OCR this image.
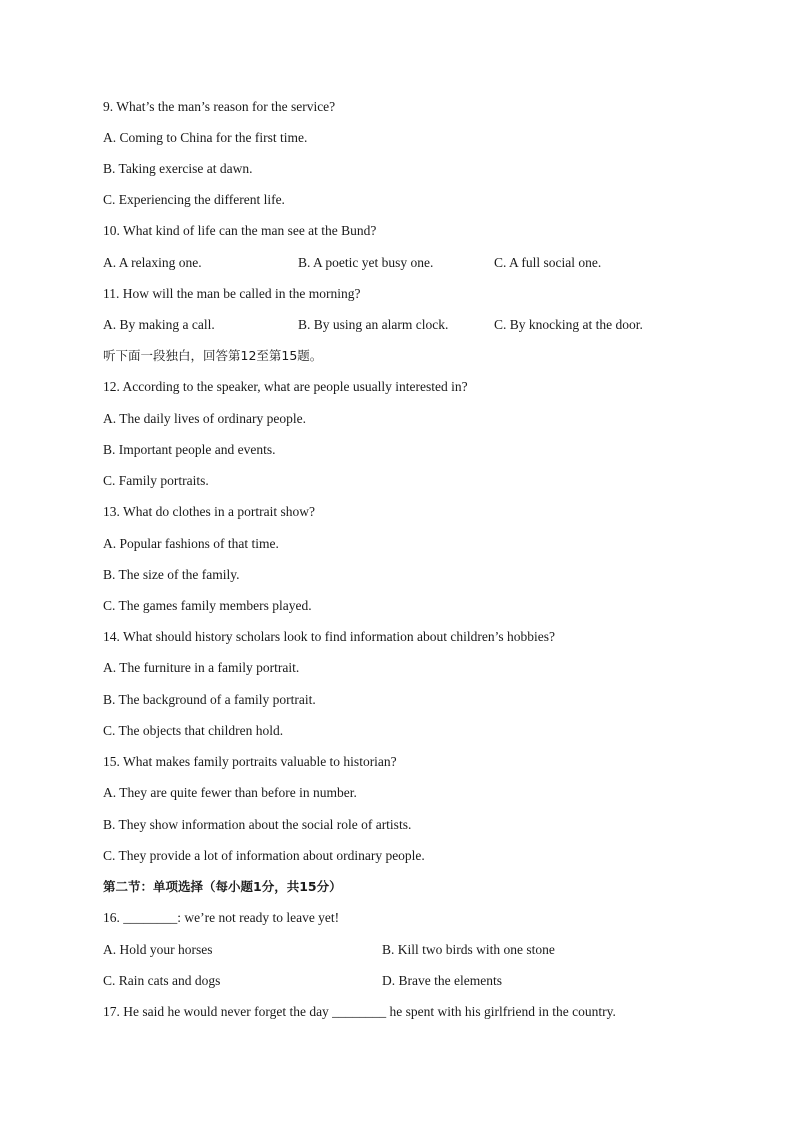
9. What’s the man’s reason for the service?
A. Coming to China for the first time.
B. Taking exercise at dawn.
C. Experiencing the different life.
10. What kind of life can the man see at the Bund?
A. A relaxing one.	B. A poetic yet busy one.	C. A full social one.
11. How will the man be called in the morning?
A. By making a call.	B. By using an alarm clock.	C. By knocking at the door.
听下面一段独白，回答第12至第15题。
12. According to the speaker, what are people usually interested in?
A. The daily lives of ordinary people.
B. Important people and events.
C. Family portraits.
13. What do clothes in a portrait show?
A. Popular fashions of that time.
B. The size of the family.
C. The games family members played.
14. What should history scholars look to find information about children’s hobbies?
A. The furniture in a family portrait.
B. The background of a family portrait.
C. The objects that children hold.
15. What makes family portraits valuable to historian?
A. They are quite fewer than before in number.
B. They show information about the social role of artists.
C. They provide a lot of information about ordinary people.
第二节：单项选择（每小题1分，共15分）
16. ________: we’re not ready to leave yet!
A. Hold your horses	B. Kill two birds with one stone
C. Rain cats and dogs	D. Brave the elements
17. He said he would never forget the day ________ he spent with his girlfriend in the country.
